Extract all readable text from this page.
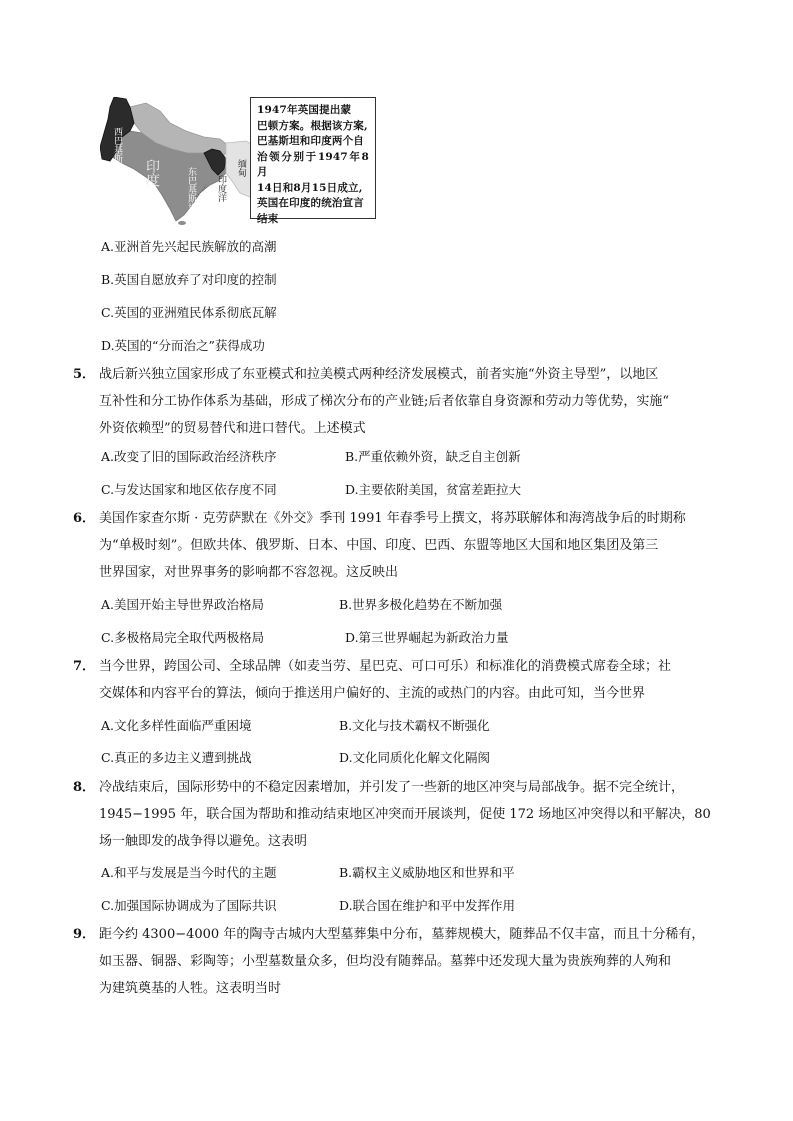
西巴基斯坦
印度	东巴基斯坦 印度洋
缅甸
1947年英国提出蒙
巴顿方案。根据该方案,
巴基斯坦和印度两个自
治领分别于1947年8月
14日和8月15日成立,
英国在印度的统治宣言
结束
A.亚洲首先兴起民族解放的高潮
B.英国自愿放弃了对印度的控制
C.英国的亚洲殖民体系彻底瓦解
D.英国的“分而治之”获得成功
5． 战后新兴独立国家形成了东亚模式和拉美模式两种经济发展模式，前者实施“外资主导型”，以地区
互补性和分工协作体系为基础，形成了梯次分布的产业链;后者依靠自身资源和劳动力等优势，实施“
外资依赖型”的贸易替代和进口替代。上述模式
A.改变了旧的国际政治经济秩序	B.严重依赖外资，缺乏自主创新
C.与发达国家和地区依存度不同	D.主要依附美国，贫富差距拉大
6． 美国作家查尔斯 · 克劳萨默在《外交》季刊 1991 年春季号上撰文，将苏联解体和海湾战争后的时期称
为“单极时刻”。但欧共体、俄罗斯、日本、中国、印度、巴西、东盟等地区大国和地区集团及第三
世界国家，对世界事务的影响都不容忽视。这反映出
A.美国开始主导世界政治格局	B.世界多极化趋势在不断加强
C.多极格局完全取代两极格局	D.第三世界崛起为新政治力量
7． 当今世界，跨国公司、全球品牌（如麦当劳、星巴克、可口可乐）和标准化的消费模式席卷全球；社
交媒体和内容平台的算法，倾向于推送用户偏好的、主流的或热门的内容。由此可知，当今世界
A.文化多样性面临严重困境	B.文化与技术霸权不断强化
C.真正的多边主义遭到挑战	D.文化同质化化解文化隔阂
8． 冷战结束后，国际形势中的不稳定因素增加，并引发了一些新的地区冲突与局部战争。据不完全统计，
1945−1995 年，联合国为帮助和推动结束地区冲突而开展谈判，促使 172 场地区冲突得以和平解决，80
场一触即发的战争得以避免。这表明
A.和平与发展是当今时代的主题	B.霸权主义威胁地区和世界和平
C.加强国际协调成为了国际共识	D.联合国在维护和平中发挥作用
9． 距今约 4300−4000 年的陶寺古城内大型墓葬集中分布，墓葬规模大，随葬品不仅丰富，而且十分稀有，
如玉器、铜器、彩陶等；小型墓数量众多，但均没有随葬品。墓葬中还发现大量为贵族殉葬的人殉和
为建筑奠基的人牲。这表明当时
